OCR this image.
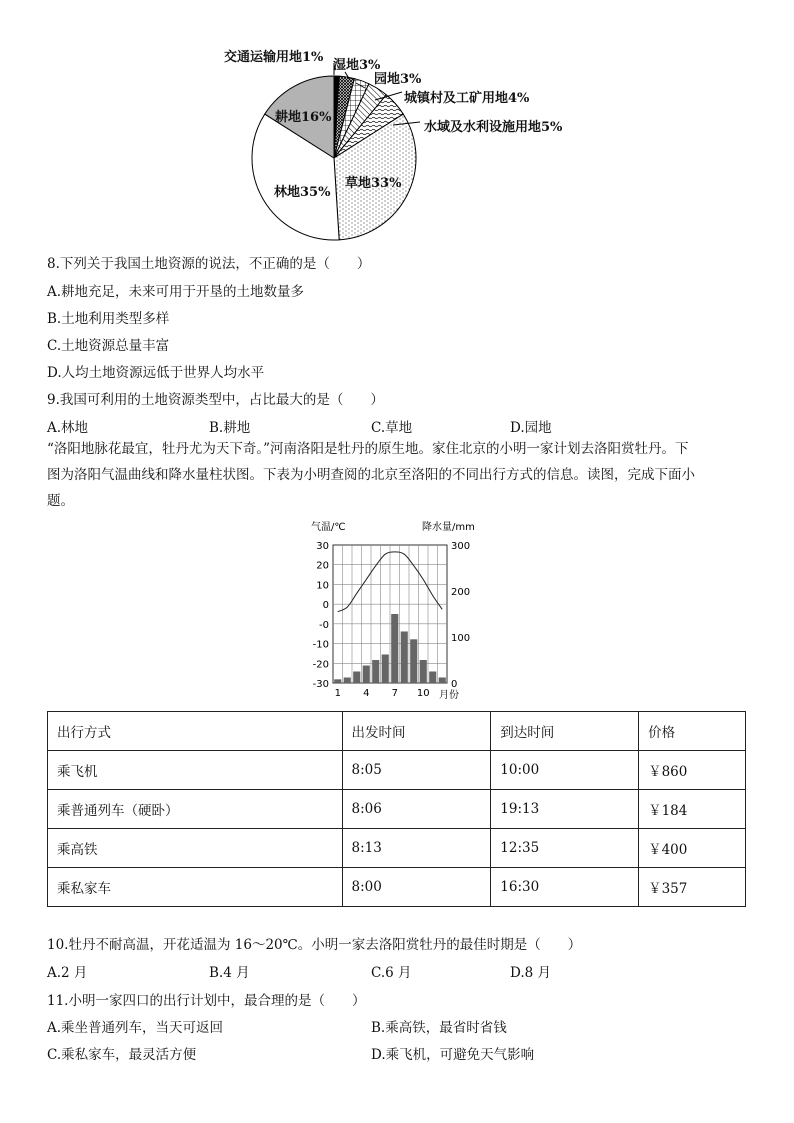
交通运输用地1%
湿地3%
园地3%
城镇村及工矿用地4%
水域及水利设施用地5%
草地33%
林地35%
耕地16%
8.下列关于我国土地资源的说法，不正确的是（　　）
A.耕地充足，未来可用于开垦的土地数量多
B.土地利用类型多样
C.土地资源总量丰富
D.人均土地资源远低于世界人均水平
9.我国可利用的土地资源类型中，占比最大的是（　　）
A.林地	B.耕地	C.草地	D.园地
“洛阳地脉花最宜，牡丹尤为天下奇。”河南洛阳是牡丹的原生地。家住北京的小明一家计划去洛阳赏牡丹。下
图为洛阳气温曲线和降水量柱状图。下表为小明查阅的北京至洛阳的不同出行方式的信息。读图，完成下面小
题。
30
20
10
0
-0
-10
-20
-30
300
200
100
0
1 4 7 10
气温/℃	降水量/mm
月份
出行方式	出发时间	到达时间	价格
乘飞机	8:05	10:00	￥860
乘普通列车（硬卧）	8:06	19:13	￥184
乘高铁	8:13	12:35	￥400
乘私家车	8:00	16:30	￥357
10.牡丹不耐高温，开花适温为 16～20℃。小明一家去洛阳赏牡丹的最佳时期是（　　）
A.2 月	B.4 月	C.6 月	D.8 月
11.小明一家四口的出行计划中，最合理的是（　　）
A.乘坐普通列车，当天可返回	B.乘高铁，最省时省钱
C.乘私家车，最灵活方便	D.乘飞机，可避免天气影响
